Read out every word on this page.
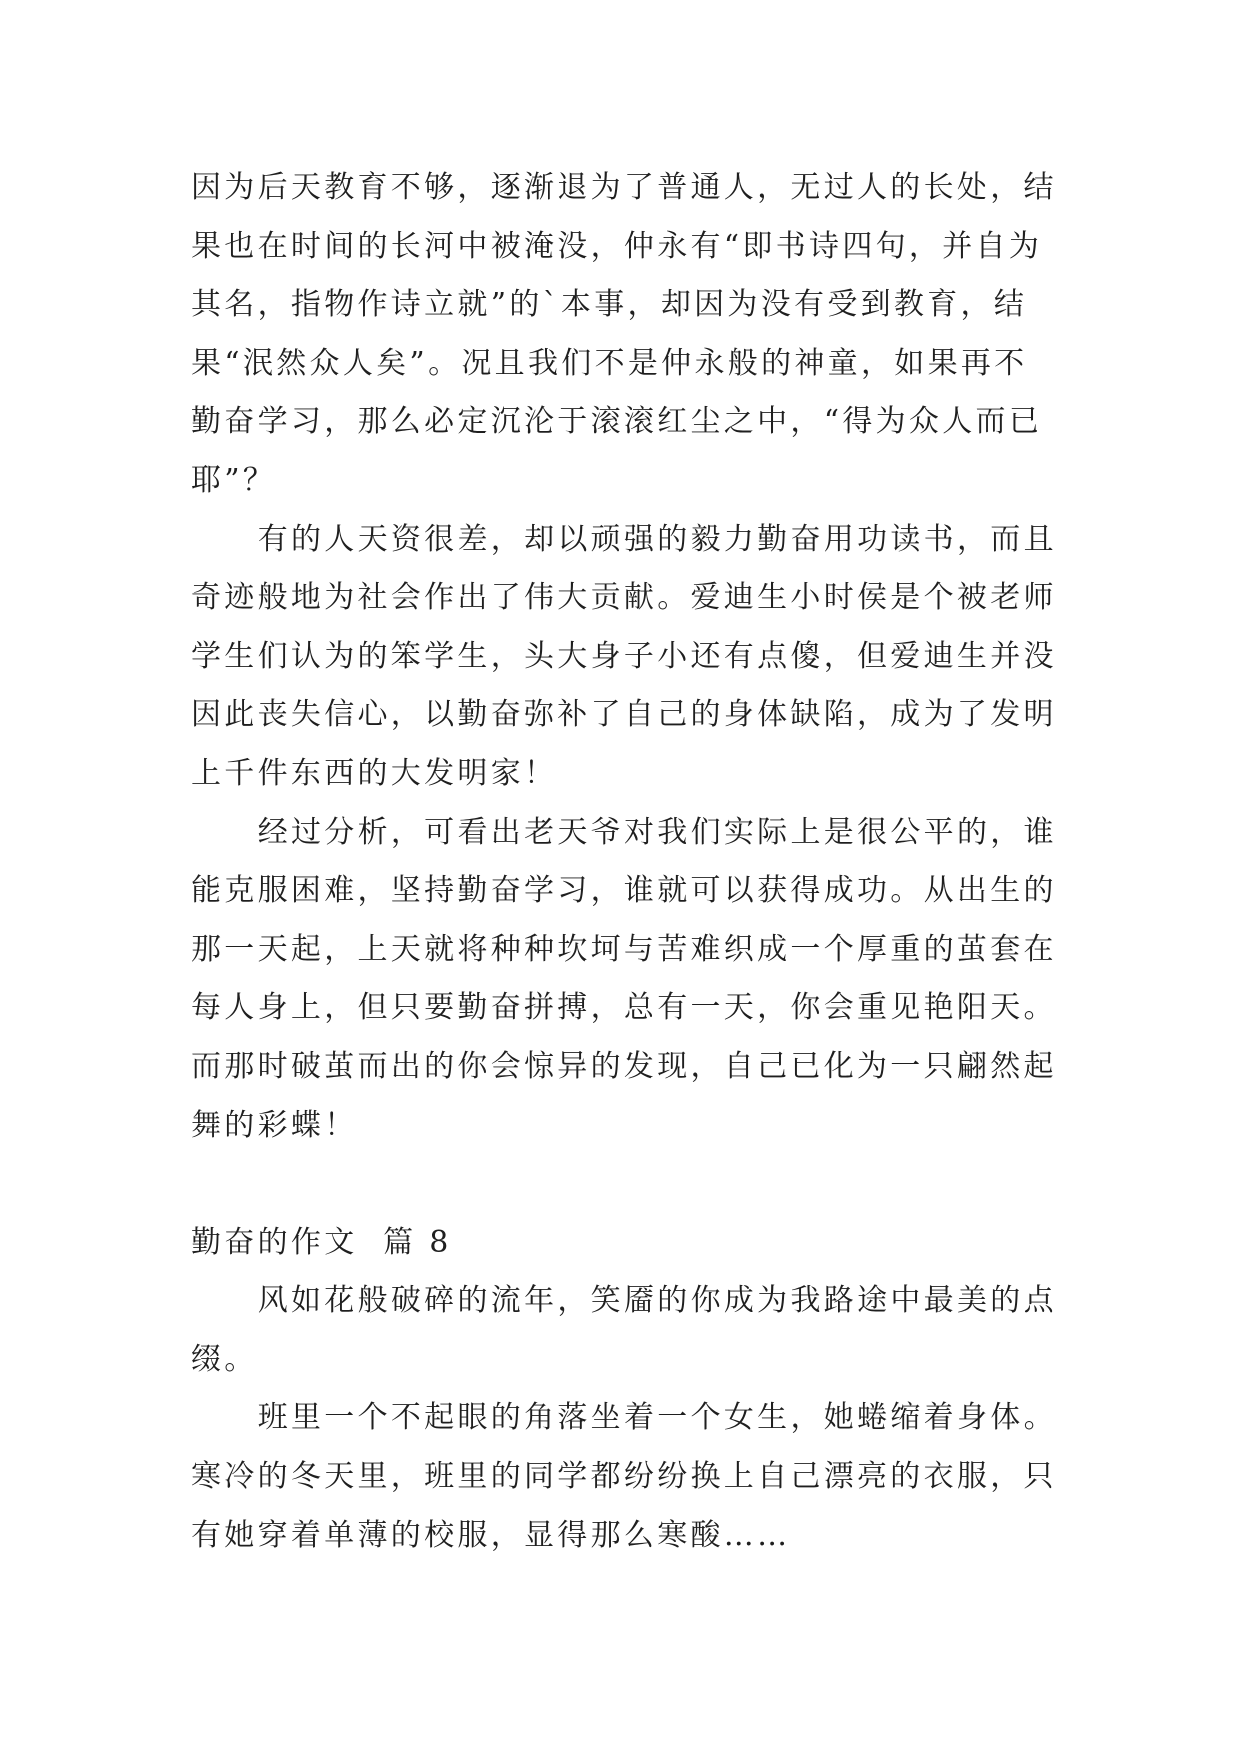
因为后天教育不够，逐渐退为了普通人，无过人的长处，结
果也在时间的长河中被淹没，仲永有“即书诗四句，并自为
其名，指物作诗立就”的`本事，却因为没有受到教育，结
果“泯然众人矣”。况且我们不是仲永般的神童，如果再不
勤奋学习，那么必定沉沦于滚滚红尘之中，“得为众人而已
耶”？
有的人天资很差，却以顽强的毅力勤奋用功读书，而且
奇迹般地为社会作出了伟大贡献。爱迪生小时侯是个被老师
学生们认为的笨学生，头大身子小还有点傻，但爱迪生并没
因此丧失信心，以勤奋弥补了自己的身体缺陷，成为了发明
上千件东西的大发明家！
经过分析，可看出老天爷对我们实际上是很公平的，谁
能克服困难，坚持勤奋学习，谁就可以获得成功。从出生的
那一天起，上天就将种种坎坷与苦难织成一个厚重的茧套在
每人身上，但只要勤奋拼搏，总有一天，你会重见艳阳天。
而那时破茧而出的你会惊异的发现，自己已化为一只翩然起
舞的彩蝶！
勤奋的作文  篇 8
风如花般破碎的流年，笑靥的你成为我路途中最美的点
缀。
班里一个不起眼的角落坐着一个女生，她蜷缩着身体。
寒冷的冬天里，班里的同学都纷纷换上自己漂亮的衣服，只
有她穿着单薄的校服，显得那么寒酸……
